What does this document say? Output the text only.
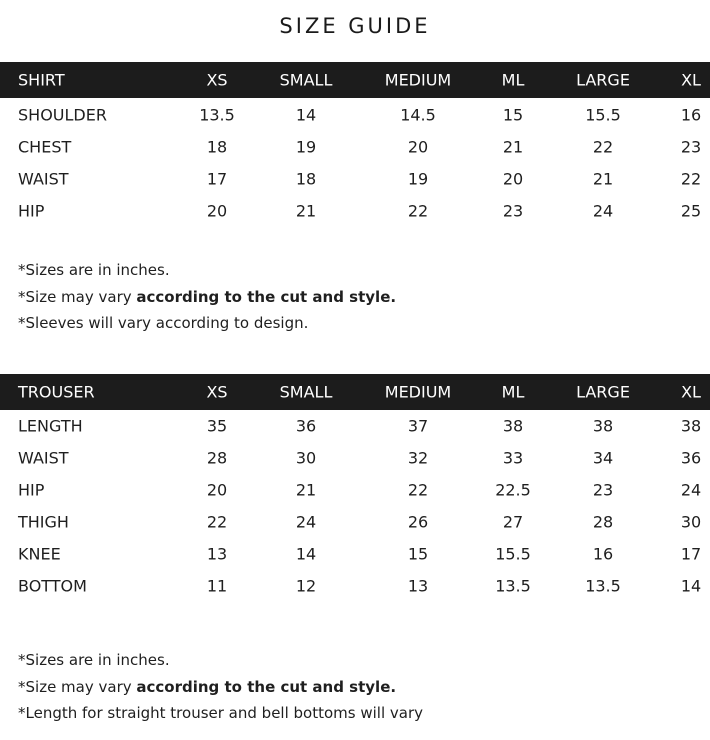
SIZE GUIDE
SHIRT	XS	SMALL	MEDIUM	ML	LARGE	XL
SHOULDER	13.5	14	14.5	15	15.5	16
CHEST	18	19	20	21	22	23
WAIST	17	18	19	20	21	22
HIP	20	21	22	23	24	25
*Sizes are in inches.
*Size may vary according to the cut and style.
*Sleeves will vary according to design.
TROUSER	XS	SMALL	MEDIUM	ML	LARGE	XL
LENGTH	35	36	37	38	38	38
WAIST	28	30	32	33	34	36
HIP	20	21	22	22.5	23	24
THIGH	22	24	26	27	28	30
KNEE	13	14	15	15.5	16	17
BOTTOM	11	12	13	13.5	13.5	14
*Sizes are in inches.
*Size may vary according to the cut and style.
*Length for straight trouser and bell bottoms will vary
